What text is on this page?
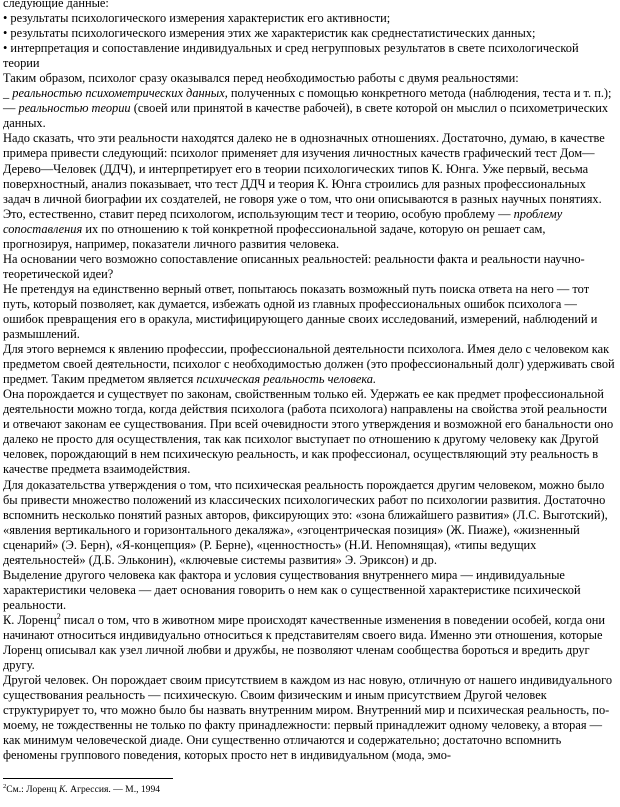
следующие данные:

• результаты психологического измерения характеристик его активности;

• результаты психологического измерения этих же характеристик как среднестатистических данных;

• интерпретация и сопоставление индивидуальных и сред негрупповых результатов в свете психологической теории

Таким образом, психолог сразу оказывался перед необходимостью работы с двумя реальностями:

_ реальностью психометрических данных, полученных с помощью конкретного метода (наблюдения, теста и т. п.);

— реальностью теории (своей или принятой в качестве рабочей), в свете которой он мыслил о психометрических данных.

Надо сказать, что эти реальности находятся далеко не в однозначных отношениях. Достаточно, думаю, в качестве примера привести следующий: психолог применяет для изучения личностных качеств графический тест Дом—Дерево—Человек (ДДЧ), и интерпретирует его в теории психологических типов К. Юнга. Уже первый, весьма поверхностный, анализ показывает, что тест ДДЧ и теория К. Юнга строились для разных профессиональных задач в личной биографии их создателей, не говоря уже о том, что они описываются в разных научных понятиях. Это, естественно, ставит перед психологом, использующим тест и теорию, особую проблему — проблему сопоставления их по отношению к той конкретной профессиональной задаче, которую он решает сам, прогнозируя, например, показатели личного развития человека.

На основании чего возможно сопоставление описанных реальностей: реальности факта и реальности научно-теоретической идеи?

Не претендуя на единственно верный ответ, попытаюсь показать возможный путь поиска ответа на него — тот путь, который позволяет, как думается, избежать одной из главных профессиональных ошибок психолога — ошибок превращения его в оракула, мистифицирующего данные своих исследований, измерений, наблюдений и размышлений.

Для этого вернемся к явлению профессии, профессиональной деятельности психолога. Имея дело с человеком как предметом своей деятельности, психолог с необходимостью должен (это профессиональный долг) удерживать свой предмет. Таким предметом является психическая реальность человека.

Она порождается и существует по законам, свойственным только ей. Удержать ее как предмет профессиональной деятельности можно тогда, когда действия психолога (работа психолога) направлены на свойства этой реальности и отвечают законам ее существования. При всей очевидности этого утверждения и возможной его банальности оно далеко не просто для осуществления, так как психолог выступает по отношению к другому человеку как Другой человек, порождающий в нем психическую реальность, и как профессионал, осуществляющий эту реальность в качестве предмета взаимодействия.

Для доказательства утверждения о том, что психическая реальность порождается другим человеком, можно было бы привести множество положений из классических психологических работ по психологии развития. Достаточно вспомнить несколько понятий разных авторов, фиксирующих это: «зона ближайшего развития» (Л.С. Выготский), «явления вертикального и горизонтального декаляжа», «эгоцентрическая позиция» (Ж. Пиаже), «жизненный сценарий» (Э. Берн), «Я-концепция» (Р. Берне), «ценностность» (Н.И. Непомнящая), «типы ведущих деятельностей» (Д.Б. Эльконин), «ключевые системы развития» Э. Эриксон) и др.

Выделение другого человека как фактора и условия существования внутреннего мира — индивидуальные характеристики человека — дает основания говорить о нем как о существенной характеристике психической реальности.

К. Лоренц$^2$ писал о том, что в животном мире происходят качественные изменения в поведении особей, когда они начинают относиться индивидуально относиться к представителям своего вида. Именно эти отношения, которые Лоренц описывал как узел личной любви и дружбы, не позволяют членам сообщества бороться и вредить друг другу.

Другой человек. Он порождает своим присутствием в каждом из нас новую, отличную от нашего индивидуального существования реальность — психическую. Своим физическим и иным присутствием Другой человек структурирует то, что можно было бы назвать внутренним миром. Внутренний мир и психическая реальность, по-моему, не тождественны не только по факту принадлежности: первый принадлежит одному человеку, а вторая — как минимум человеческой диаде. Они существенно отличаются и содержательно; достаточно вспомнить феномены группового поведения, которых просто нет в индивидуальном (мода, эмо-

$^2$См.: Лоренц К. Агрессия. — М., 1994
